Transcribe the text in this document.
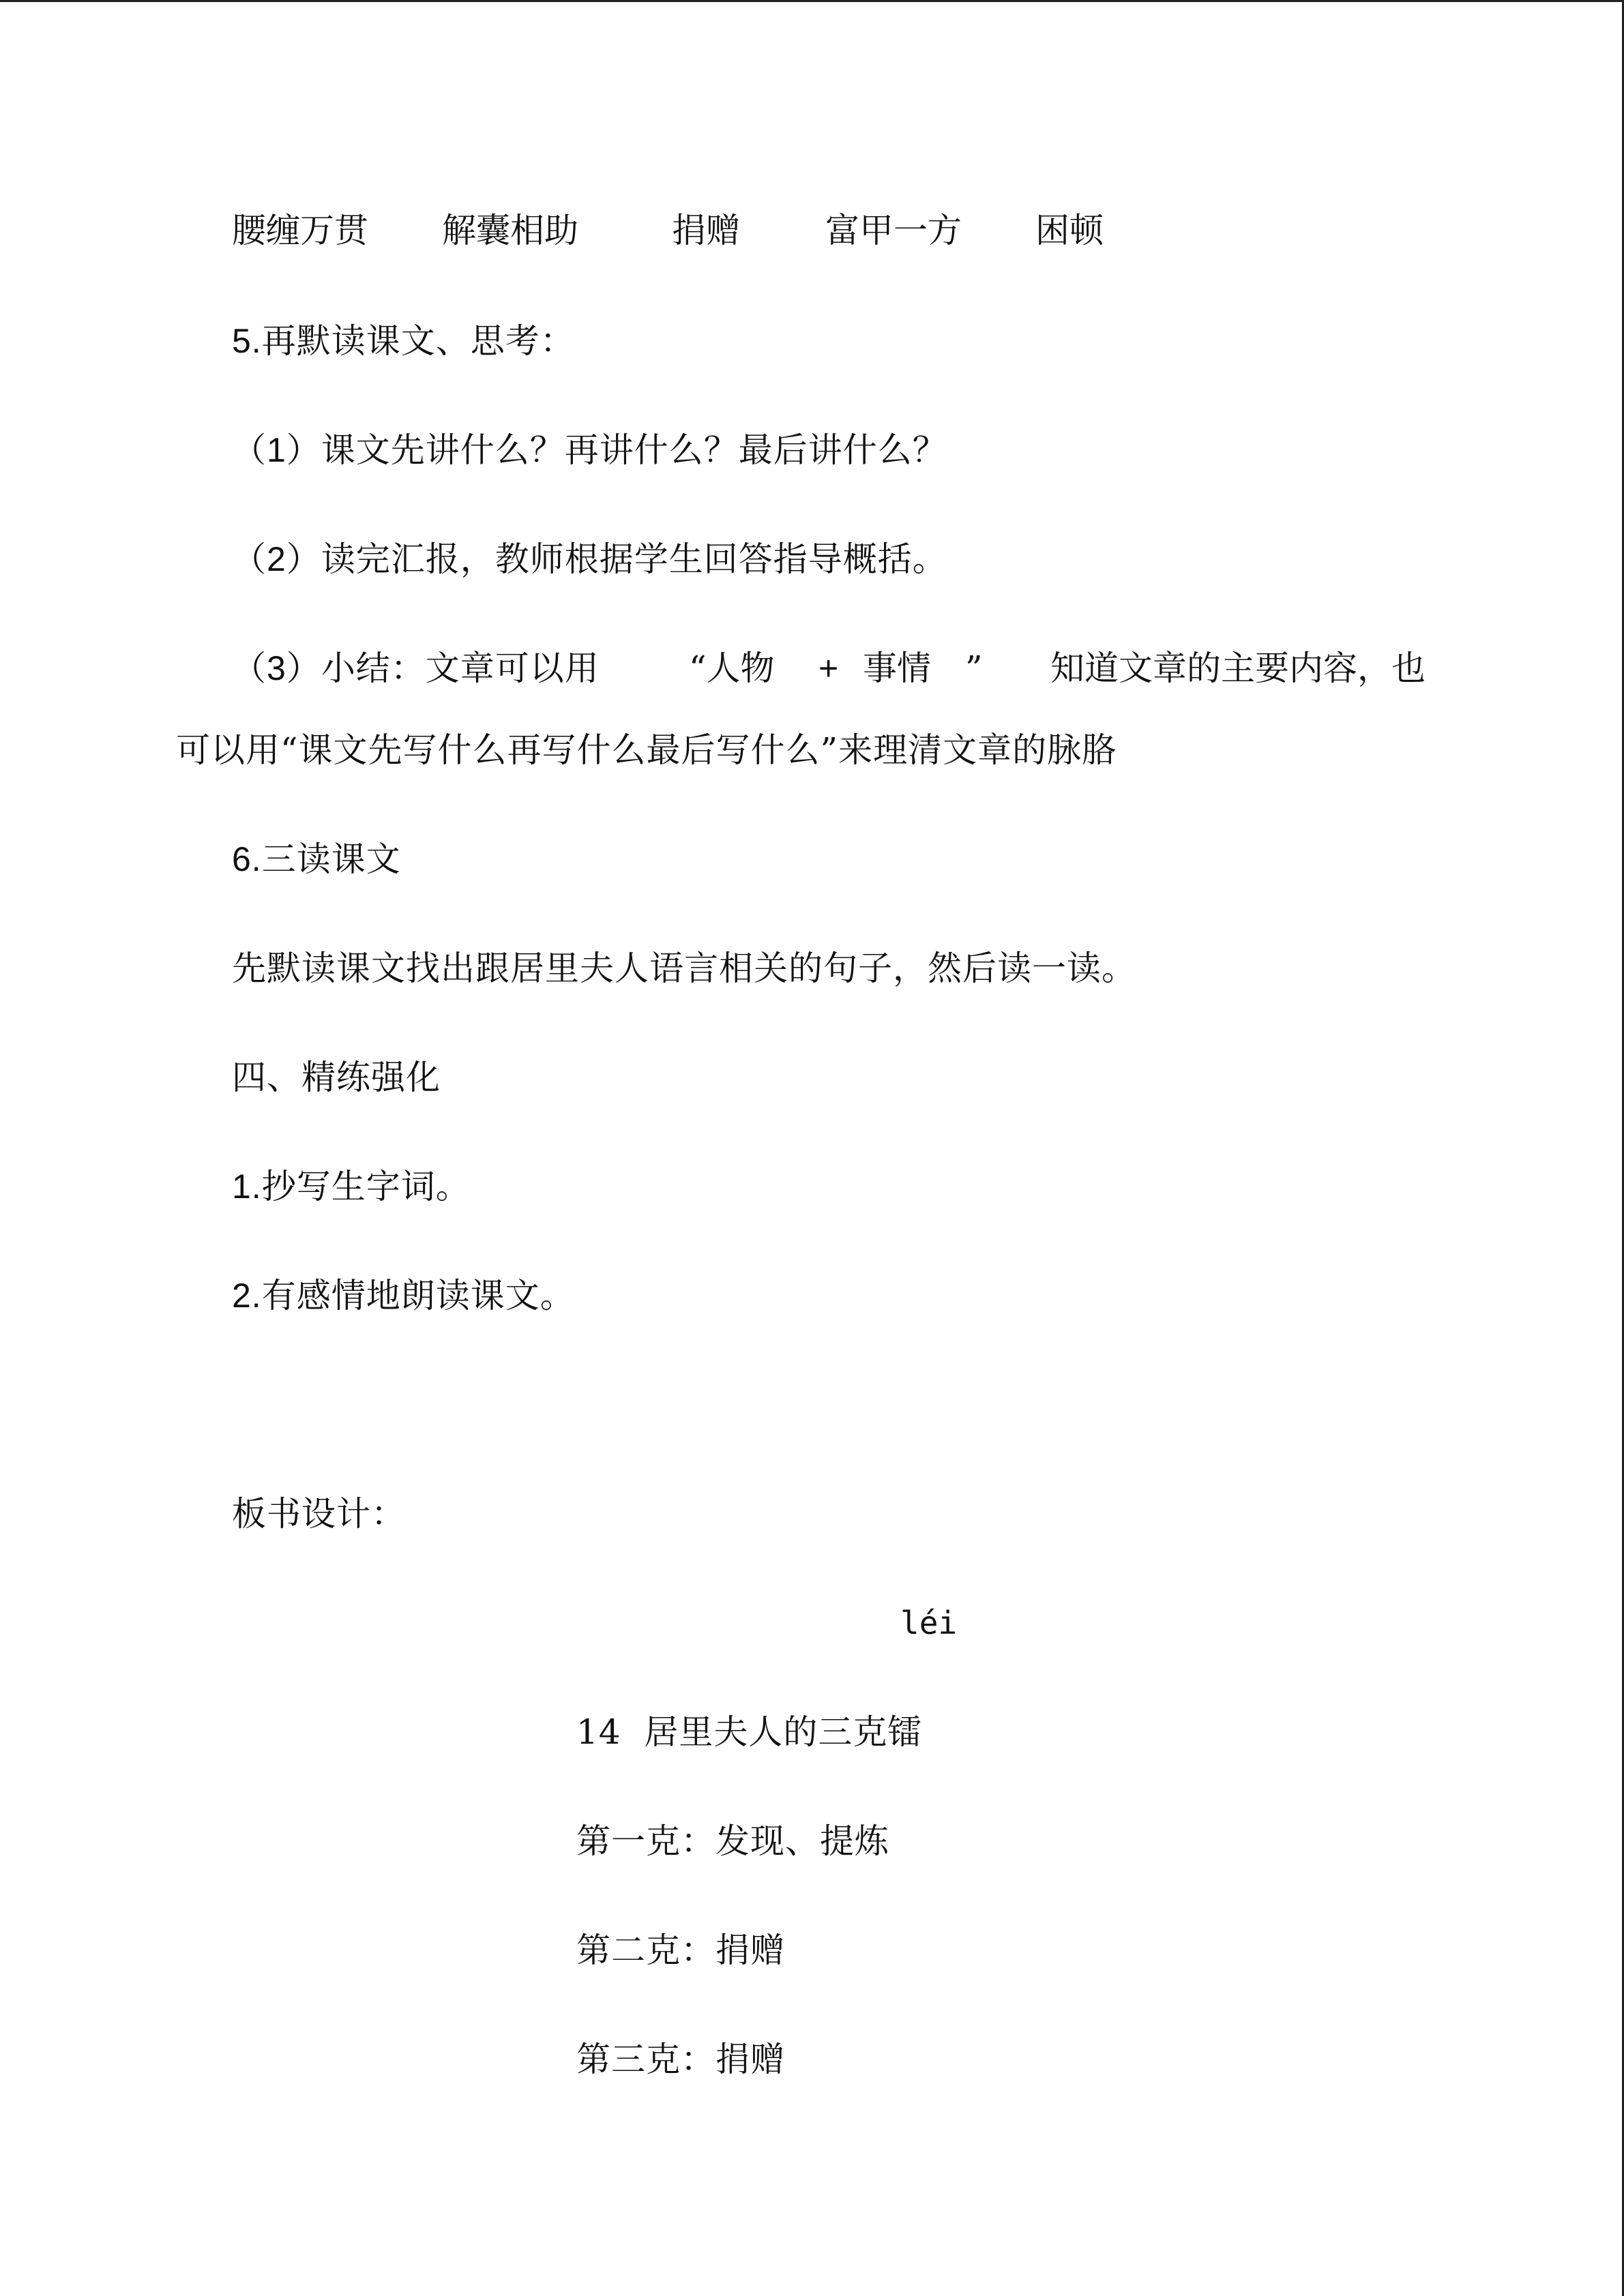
腰缠万贯 解囊相助	捐赠	富甲一方 困顿
5.再默读课文、思考：
（1）课文先讲什么？再讲什么？最后讲什么？
（2）读完汇报，教师根据学生回答指导概括。
（3）小结：文章可以用	“人物 + 事情 ” 知道文章的主要内容，也
可以用“课文先写什么再写什么最后写什么”来理清文章的脉胳
6.三读课文
先默读课文找出跟居里夫人语言相关的句子，然后读一读。
四、精练强化
1.抄写生字词。
2.有感情地朗读课文。
板书设计：
léi
14 居里夫人的三克镭
第一克：发现、提炼
第二克：捐赠
第三克：捐赠
